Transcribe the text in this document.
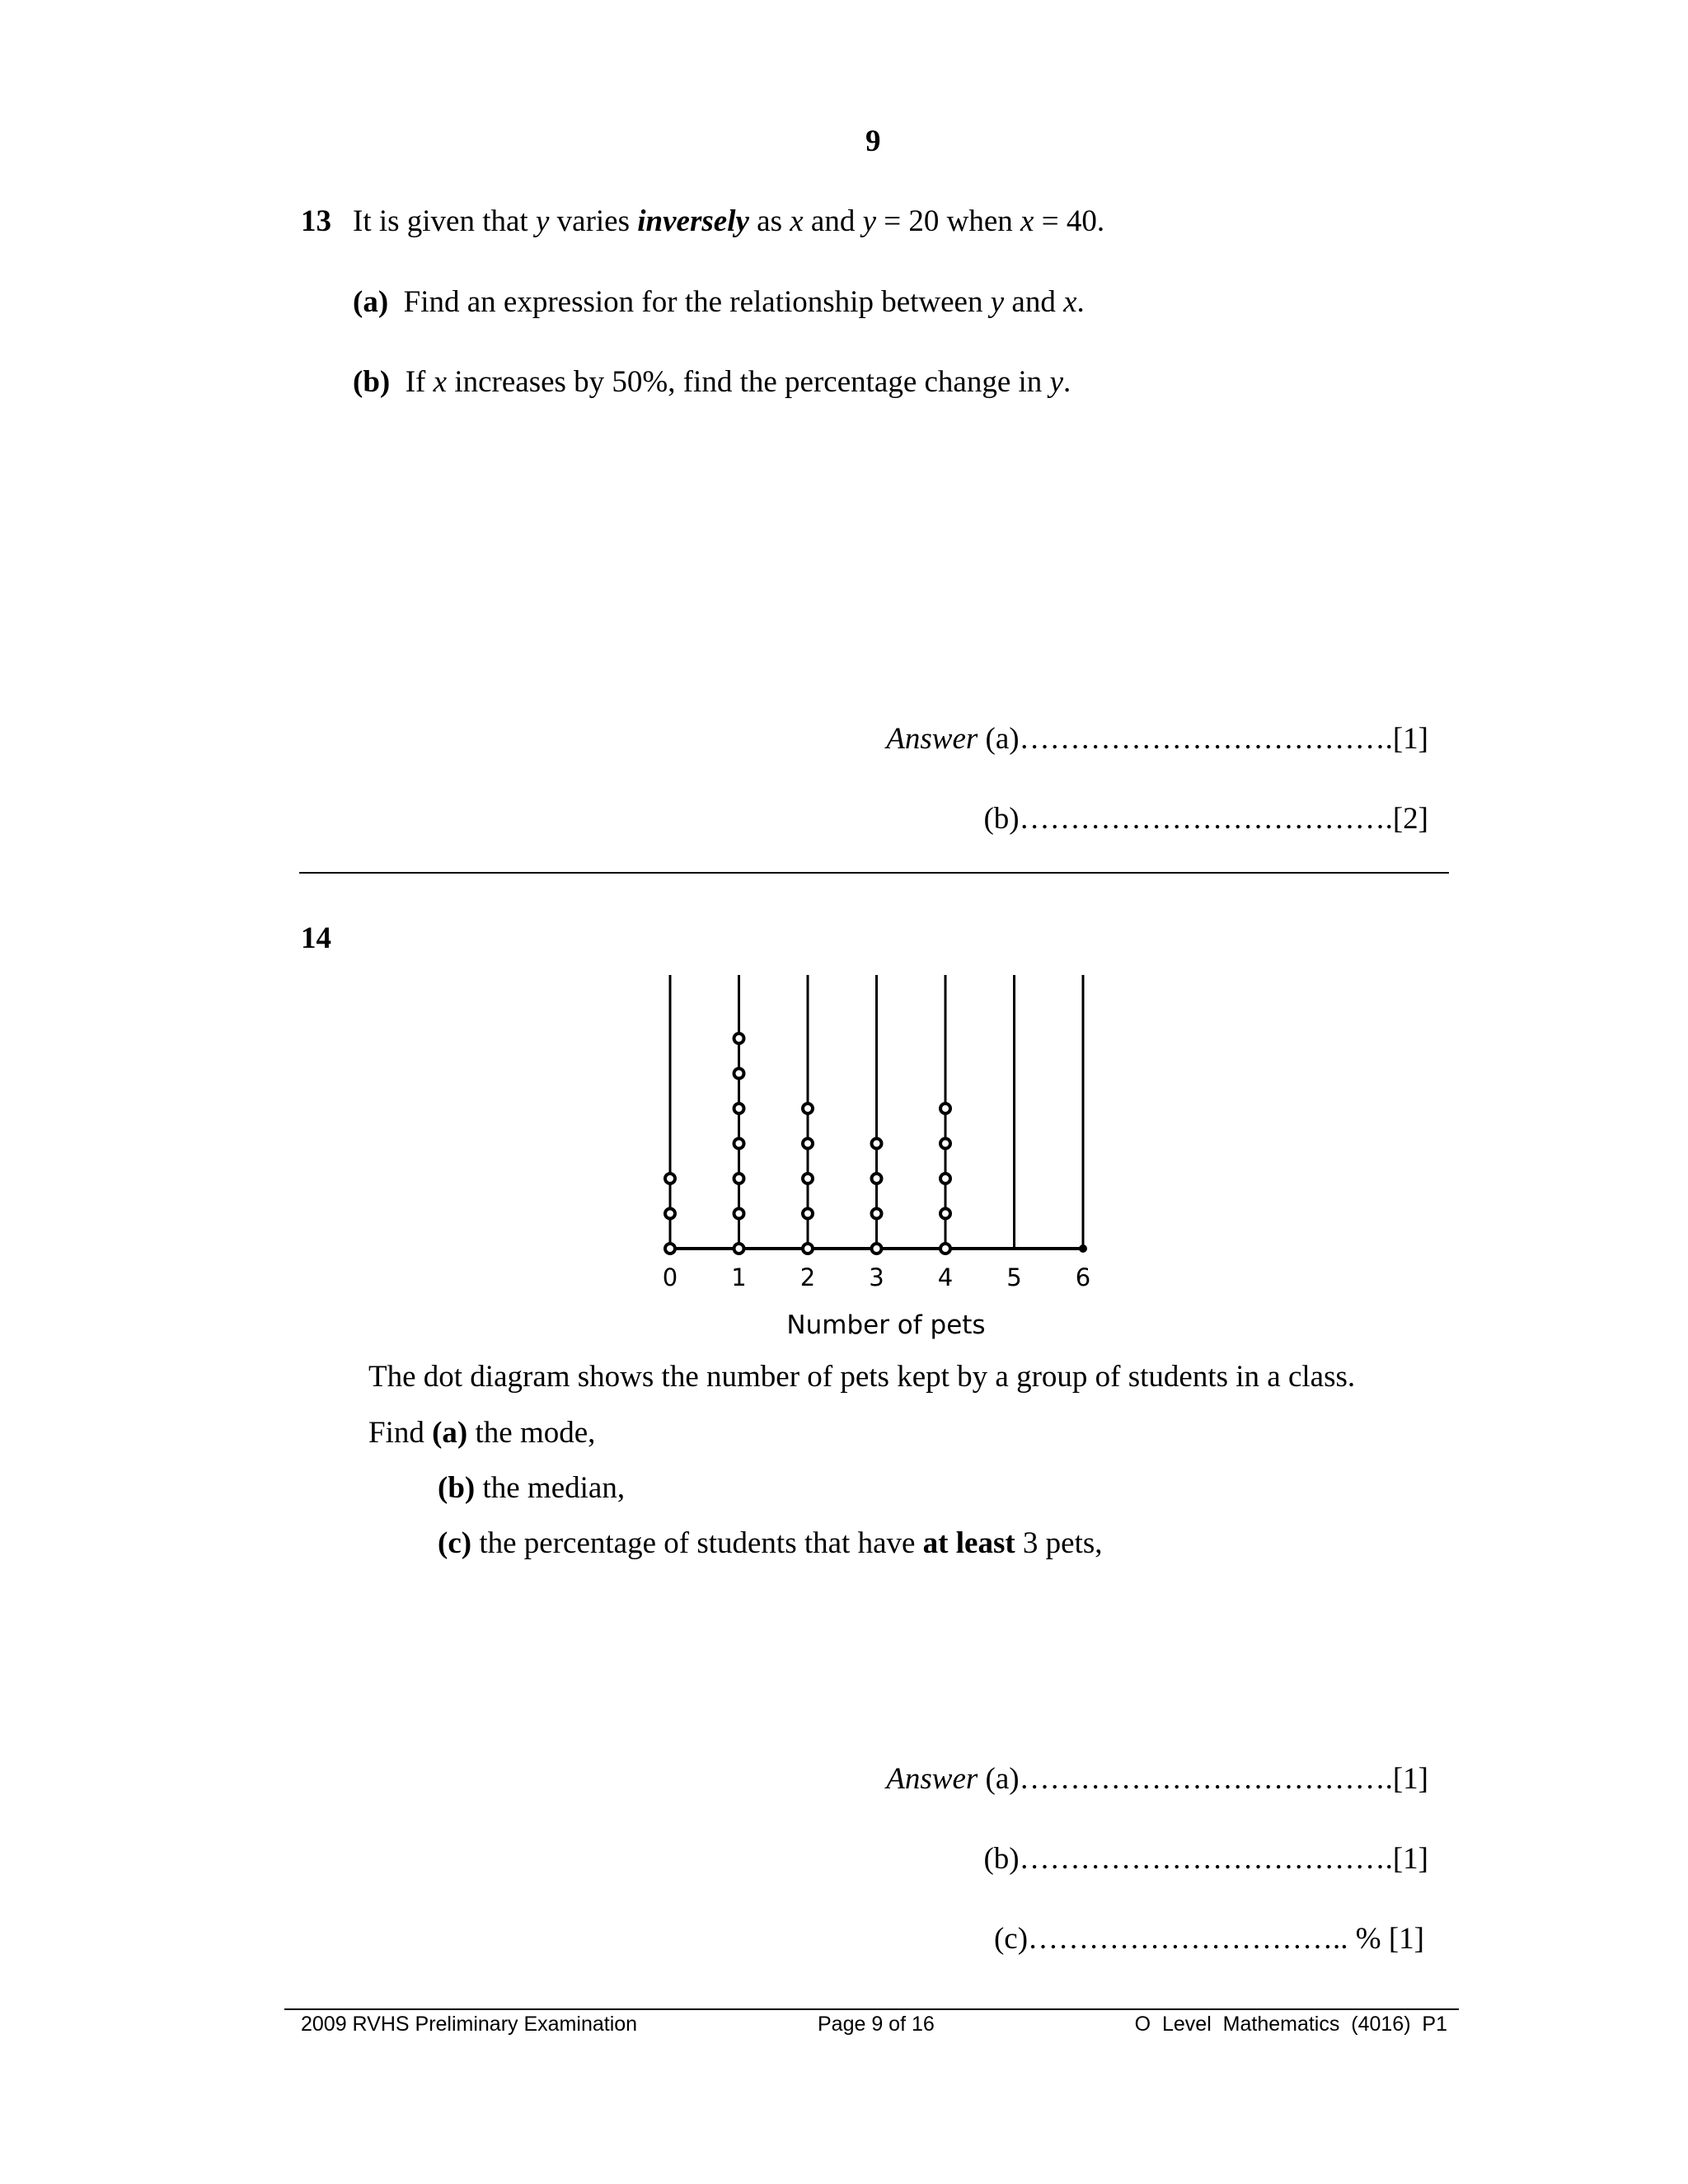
9
13 It is given that y varies inversely as x and y = 20 when x = 40.
(a) Find an expression for the relationship between y and x.
(b) If x increases by 50%, find the percentage change in y.
Answer (a)……………………………….[1]
(b)……………………………….[2]
14
0 1 2 3 4 5 6
Number of pets
The dot diagram shows the number of pets kept by a group of students in a class.
Find (a) the mode,
(b) the median,
(c) the percentage of students that have at least 3 pets,
Answer (a)……………………………….[1]
(b)……………………………….[1]
(c)………………………….. % [1]
2009 RVHS Preliminary Examination	Page 9 of 16	O  Level  Mathematics  (4016)  P1
